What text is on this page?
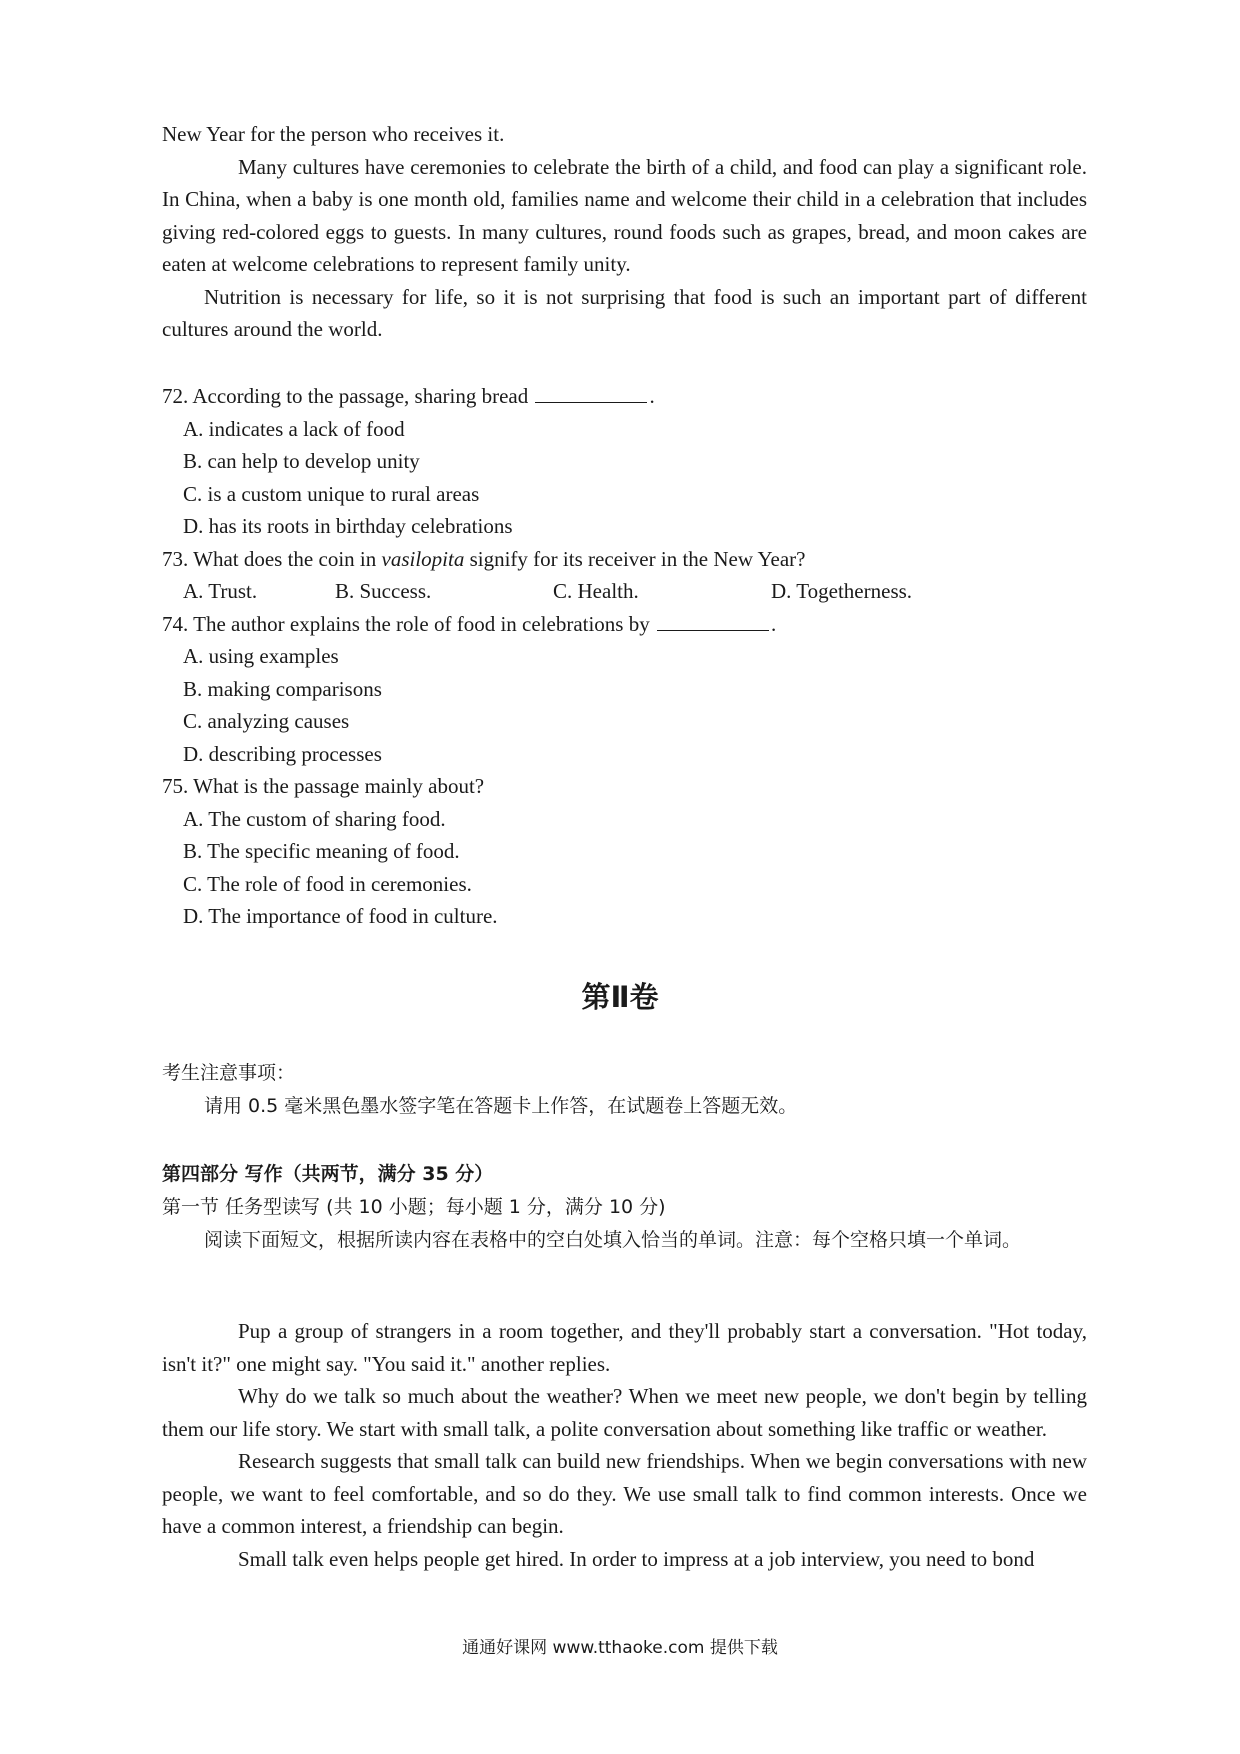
New Year for the person who receives it.

Many cultures have ceremonies to celebrate the birth of a child, and food can play a significant role. In China, when a baby is one month old, families name and welcome their child in a celebration that includes giving red-colored eggs to guests. In many cultures, round foods such as grapes, bread, and moon cakes are eaten at welcome celebrations to represent family unity.

Nutrition is necessary for life, so it is not surprising that food is such an important part of different cultures around the world.

72. According to the passage, sharing bread	.

A. indicates a lack of food

B. can help to develop unity

C. is a custom unique to rural areas

D. has its roots in birthday celebrations

73. What does the coin in vasilopita signify for its receiver in the New Year?

A. Trust.	B. Success.	C. Health.	D. Togetherness.

74. The author explains the role of food in celebrations by	.

A. using examples

B. making comparisons

C. analyzing causes

D. describing processes

75. What is the passage mainly about?

A. The custom of sharing food.

B. The specific meaning of food.

C. The role of food in ceremonies.

D. The importance of food in culture.

第Ⅱ卷

考生注意事项：

请用 0.5 毫米黑色墨水签字笔在答题卡上作答，在试题卷上答题无效。

第四部分 写作（共两节，满分 35 分）

第一节 任务型读写 (共 10 小题；每小题 1 分，满分 10 分)

阅读下面短文，根据所读内容在表格中的空白处填入恰当的单词。注意：每个空格只填一个单词。

Pup a group of strangers in a room together, and they'll probably start a conversation. "Hot today, isn't it?" one might say. "You said it." another replies.

Why do we talk so much about the weather? When we meet new people, we don't begin by telling them our life story. We start with small talk, a polite conversation about something like traffic or weather.

Research suggests that small talk can build new friendships. When we begin conversations with new people, we want to feel comfortable, and so do they. We use small talk to find common interests. Once we have a common interest, a friendship can begin.

Small talk even helps people get hired. In order to impress at a job interview, you need to bond

通通好课网 www.tthaoke.com 提供下载
